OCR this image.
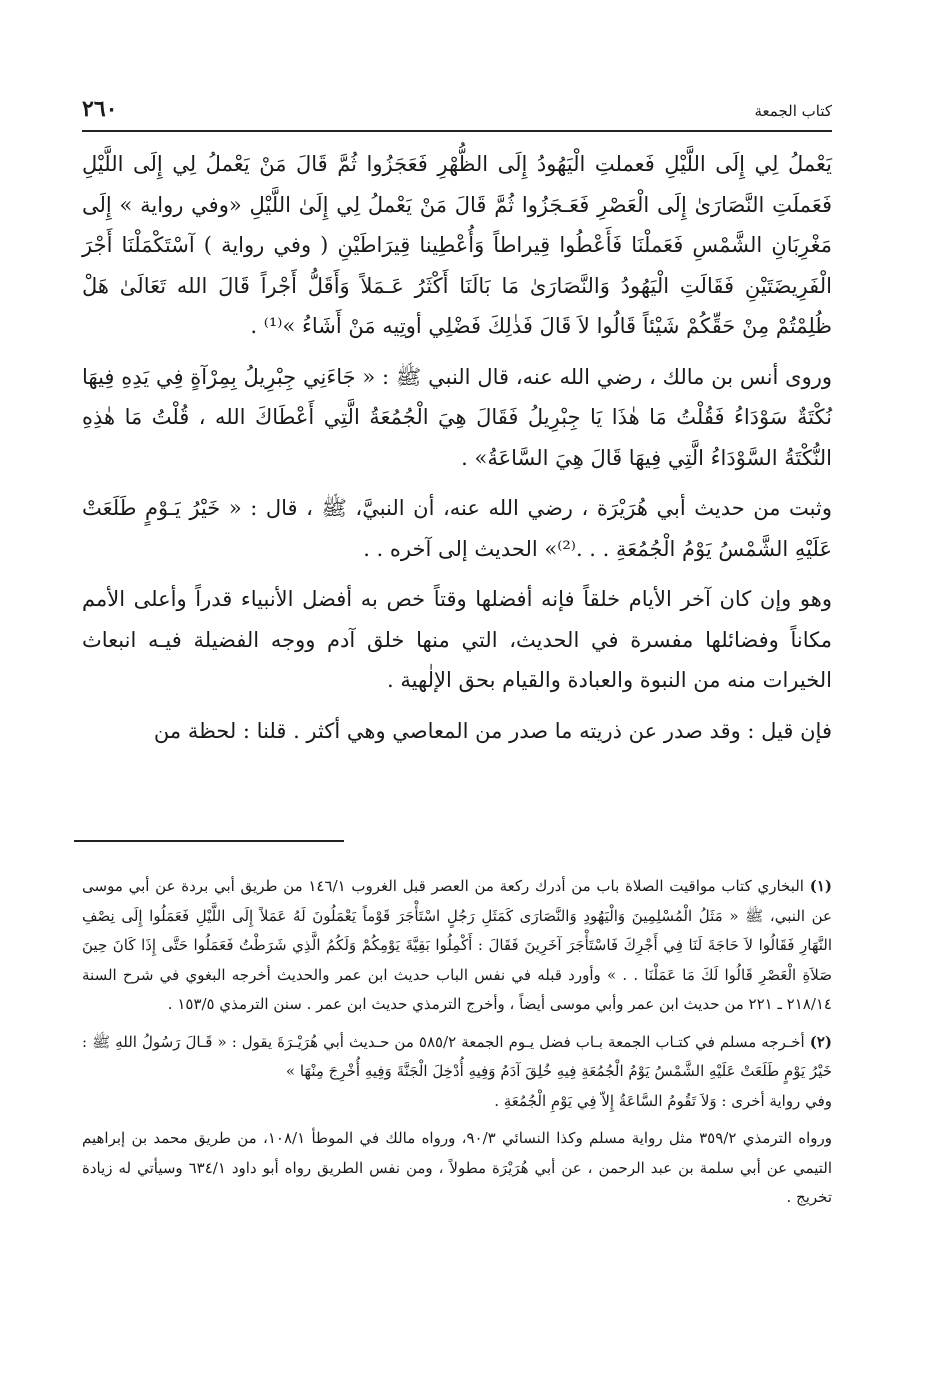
كتاب الجمعة
٢٦٠

يَعْملُ لِي إِلَى اللَّيْلِ فَعملتِ الْيَهُودُ إِلَى الظُّهْرِ فَعَجَزُوا ثُمَّ قَالَ مَنْ يَعْملُ لِي إِلَى اللَّيْلِ فَعَملَتِ النَّصَارَىٰ إِلَى الْعَصْرِ فَعَـجَزُوا ثُمَّ قَالَ مَنْ يَعْملُ لِي إِلَىٰ اللَّيْلِ «وفي رواية » إِلَى مَغْرِبَانِ الشَّمْسِ فَعَملْنَا فَأَعْطُوا قِيراطاً وَأُعْطِينا قِيرَاطَيْنِ ( وفي رواية ) آسْتَكْمَلْنَا أَجْرَ الْفَرِيضَتَيْنِ فَقَالَتِ الْيَهُودُ وَالنَّصَارَىٰ مَا بَالَنَا أَكْثَرُ عَـمَلاً وَأَقَلُّ أَجْراً قَالَ الله تَعَالَىٰ هَلْ ظُلِمْتُمْ مِنْ حَقِّكُمْ شَيْئاً قَالُوا لاَ قَالَ فَذٰلِكَ فَضْلِي أوتِيه مَنْ أَشَاءُ »⁽¹⁾ .

وروى أنس بن مالك ، رضي الله عنه، قال النبي ﷺ : « جَاءَنِي جِبْرِيلُ بِمِرْآةٍ فِي يَدِهِ فِيهَا نُكْتَةٌ سَوْدَاءُ فَقُلْتُ مَا هٰذَا يَا جِبْرِيلُ فَقَالَ هِيَ الْجُمُعَةُ الَّتِي أَعْطَاكَ الله ، قُلْتُ مَا هٰذِهِ النُّكْتَةُ السَّوْدَاءُ الَّتِي فِيهَا قَالَ هِيَ السَّاعَةُ» .

وثبت من حديث أبي هُرَيْرَة ، رضي الله عنه، أن النبيَّ، ﷺ ، قال : « خَيْرُ يَـوْمٍ طَلَعَتْ عَلَيْهِ الشَّمْسُ يَوْمُ الْجُمُعَةِ . . .⁽²⁾» الحديث إلى آخره . .

وهو وإن كان آخر الأيام خلقاً فإنه أفضلها وقتاً خص به أفضل الأنبياء قدراً وأعلى الأمم مكاناً وفضائلها مفسرة في الحديث، التي منها خلق آدم ووجه الفضيلة فيـه انبعاث الخيرات منه من النبوة والعبادة والقيام بحق الإلٰهية .

فإن قيل : وقد صدر عن ذريته ما صدر من المعاصي وهي أكثر . قلنا : لحظة من

(١) البخاري كتاب مواقيت الصلاة باب من أدرك ركعة من العصر قبل الغروب ١٤٦/١ من طريق أبي بردة عن أبي موسى عن النبي، ﷺ « مَثَلُ الْمُسْلِمِينَ وَالْيَهُودِ وَالنَّصَارَى كَمَثَلِ رَجُلٍ اسْتَأْجَرَ قَوْماً يَعْمَلُونَ لَهُ عَمَلاً إِلَى اللَّيْلِ فَعَمَلُوا إِلَى نِصْفِ النَّهَارِ فَقَالُوا لاَ حَاجَةَ لَنَا فِي أَجْرِكَ فَاسْتَأْجَرَ آخَرِينَ فَقَالَ : أَكْمِلُوا بَقِيَّةَ يَوْمِكُمْ وَلَكُمُ الَّذِي شَرَطْتُ فَعَمَلُوا حَتَّى إِذَا كَانَ حِينَ صَلاَةِ الْعَصْرِ قَالُوا لَكَ مَا عَمَلْنَا . . » وأورد قبله في نفس الباب حديث ابن عمر والحديث أخرجه البغوي في شرح السنة ٢١٨/١٤ ـ ٢٢١ من حديث ابن عمر وأبي موسى أيضاً ، وأخرج الترمذي حديث ابن عمر . سنن الترمذي ١٥٣/٥ .

(٢) أخـرجه مسلم في كتـاب الجمعة بـاب فضل يـوم الجمعة ٥٨٥/٢ من حـديث أبي هُرَيْـرَةَ يقول : « قَـالَ رَسُولُ اللهِ ﷺ : خَيْرُ يَوْمٍ طَلَعَتْ عَلَيْهِ الشَّمْسُ يَوْمُ الْجُمُعَةِ فِيهِ خُلِقَ آدَمُ وَفِيهِ أُدْخِلَ الْجَنَّةَ وَفِيهِ أُخْرِجَ مِنْهَا »

وفي رواية أخرى : وَلاَ تَقُومُ السَّاعَةُ إِلاّ فِي يَوْمِ الْجُمُعَةِ .

ورواه الترمذي ٣٥٩/٢ مثل رواية مسلم وكذا النسائي ٩٠/٣، ورواه مالك في الموطأ ١٠٨/١، من طريق محمد بن إبراهيم التيمي عن أبي سلمة بن عبد الرحمن ، عن أبي هُرَيْرَة مطولاً ، ومن نفس الطريق رواه أبو داود ٦٣٤/١ وسيأتي له زيادة تخريج .
